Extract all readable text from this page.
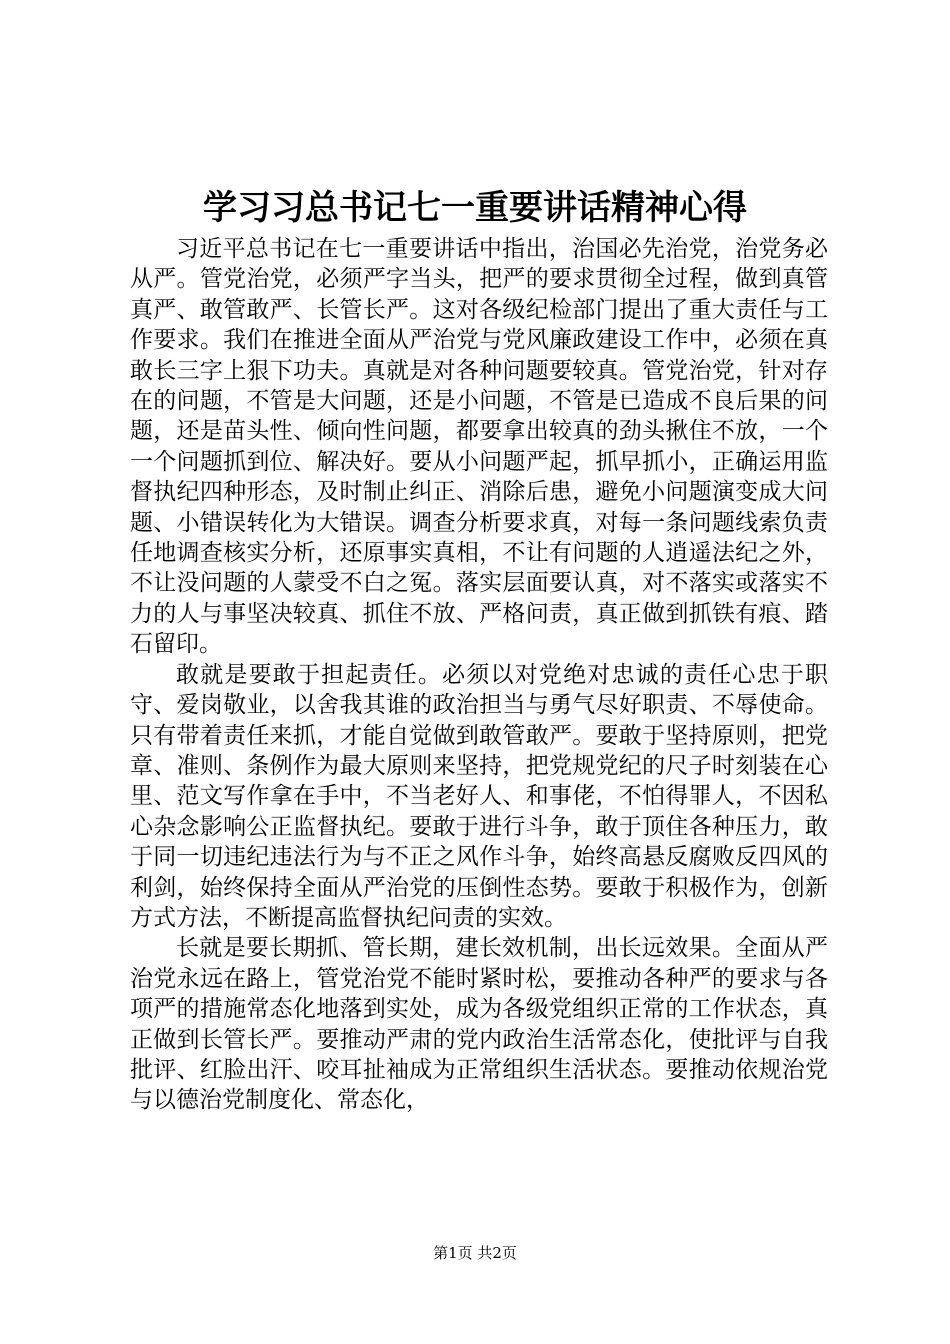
学习习总书记七一重要讲话精神心得

习近平总书记在七一重要讲话中指出，治国必先治党，治党务必从严。管党治党，必须严字当头，把严的要求贯彻全过程，做到真管真严、敢管敢严、长管长严。这对各级纪检部门提出了重大责任与工作要求。我们在推进全面从严治党与党风廉政建设工作中，必须在真敢长三字上狠下功夫。真就是对各种问题要较真。管党治党，针对存在的问题，不管是大问题，还是小问题，不管是已造成不良后果的问题，还是苗头性、倾向性问题，都要拿出较真的劲头揪住不放，一个一个问题抓到位、解决好。要从小问题严起，抓早抓小，正确运用监督执纪四种形态，及时制止纠正、消除后患，避免小问题演变成大问题、小错误转化为大错误。调查分析要求真，对每一条问题线索负责任地调查核实分析，还原事实真相，不让有问题的人逍遥法纪之外，不让没问题的人蒙受不白之冤。落实层面要认真，对不落实或落实不力的人与事坚决较真、抓住不放、严格问责，真正做到抓铁有痕、踏石留印。

敢就是要敢于担起责任。必须以对党绝对忠诚的责任心忠于职守、爱岗敬业，以舍我其谁的政治担当与勇气尽好职责、不辱使命。只有带着责任来抓，才能自觉做到敢管敢严。要敢于坚持原则，把党章、准则、条例作为最大原则来坚持，把党规党纪的尺子时刻装在心里、范文写作拿在手中，不当老好人、和事佬，不怕得罪人，不因私心杂念影响公正监督执纪。要敢于进行斗争，敢于顶住各种压力，敢于同一切违纪违法行为与不正之风作斗争，始终高悬反腐败反四风的利剑，始终保持全面从严治党的压倒性态势。要敢于积极作为，创新方式方法，不断提高监督执纪问责的实效。

长就是要长期抓、管长期，建长效机制，出长远效果。全面从严治党永远在路上，管党治党不能时紧时松，要推动各种严的要求与各项严的措施常态化地落到实处，成为各级党组织正常的工作状态，真正做到长管长严。要推动严肃的党内政治生活常态化，使批评与自我批评、红脸出汗、咬耳扯袖成为正常组织生活状态。要推动依规治党与以德治党制度化、常态化，

第1页 共2页
